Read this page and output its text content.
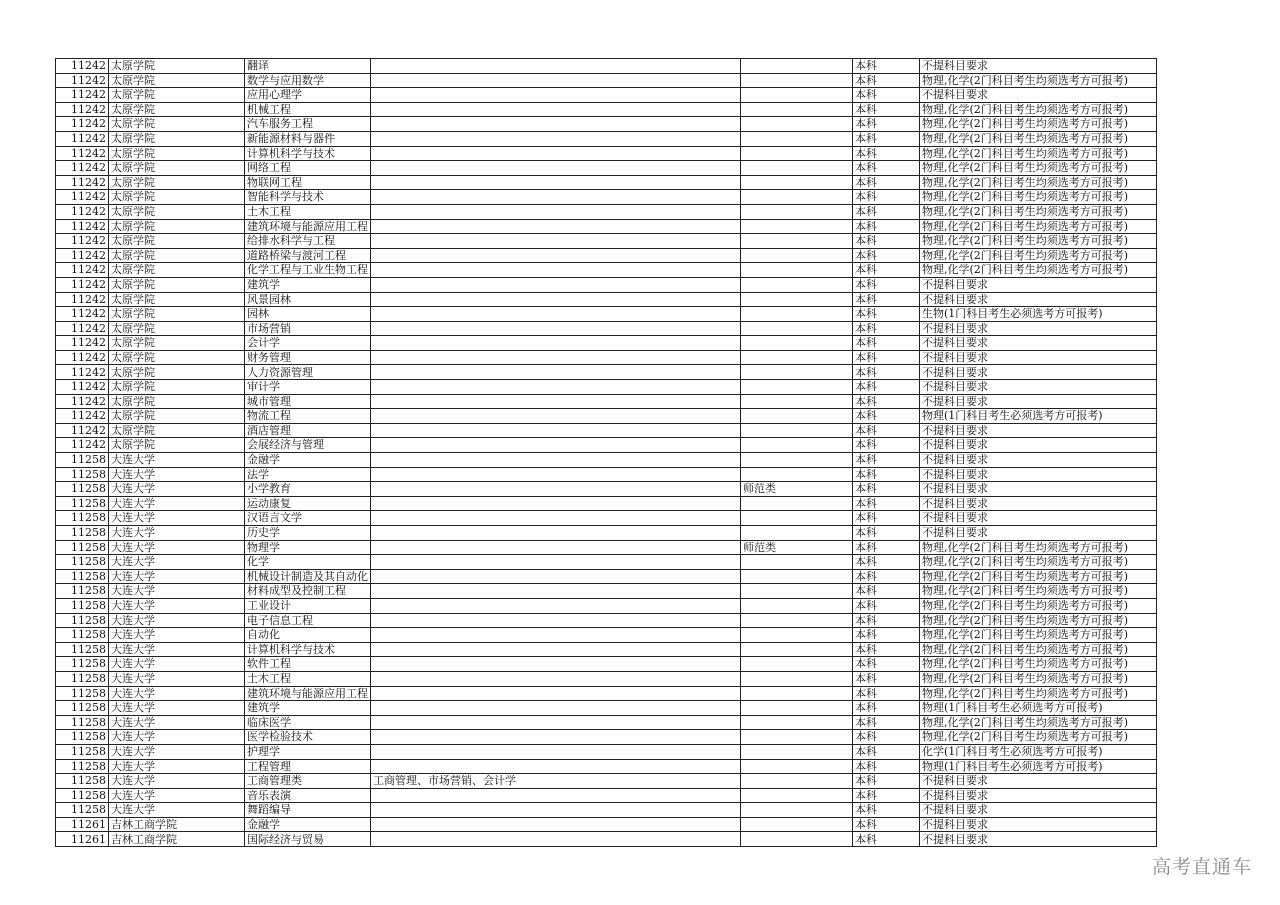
11242	太原学院	翻译			本科	不提科目要求
11242	太原学院	数学与应用数学			本科	物理,化学(2门科目考生均须选考方可报考)
11242	太原学院	应用心理学			本科	不提科目要求
11242	太原学院	机械工程			本科	物理,化学(2门科目考生均须选考方可报考)
11242	太原学院	汽车服务工程			本科	物理,化学(2门科目考生均须选考方可报考)
11242	太原学院	新能源材料与器件			本科	物理,化学(2门科目考生均须选考方可报考)
11242	太原学院	计算机科学与技术			本科	物理,化学(2门科目考生均须选考方可报考)
11242	太原学院	网络工程			本科	物理,化学(2门科目考生均须选考方可报考)
11242	太原学院	物联网工程			本科	物理,化学(2门科目考生均须选考方可报考)
11242	太原学院	智能科学与技术			本科	物理,化学(2门科目考生均须选考方可报考)
11242	太原学院	土木工程			本科	物理,化学(2门科目考生均须选考方可报考)
11242	太原学院	建筑环境与能源应用工程			本科	物理,化学(2门科目考生均须选考方可报考)
11242	太原学院	给排水科学与工程			本科	物理,化学(2门科目考生均须选考方可报考)
11242	太原学院	道路桥梁与渡河工程			本科	物理,化学(2门科目考生均须选考方可报考)
11242	太原学院	化学工程与工业生物工程			本科	物理,化学(2门科目考生均须选考方可报考)
11242	太原学院	建筑学			本科	不提科目要求
11242	太原学院	风景园林			本科	不提科目要求
11242	太原学院	园林			本科	生物(1门科目考生必须选考方可报考)
11242	太原学院	市场营销			本科	不提科目要求
11242	太原学院	会计学			本科	不提科目要求
11242	太原学院	财务管理			本科	不提科目要求
11242	太原学院	人力资源管理			本科	不提科目要求
11242	太原学院	审计学			本科	不提科目要求
11242	太原学院	城市管理			本科	不提科目要求
11242	太原学院	物流工程			本科	物理(1门科目考生必须选考方可报考)
11242	太原学院	酒店管理			本科	不提科目要求
11242	太原学院	会展经济与管理			本科	不提科目要求
11258	大连大学	金融学			本科	不提科目要求
11258	大连大学	法学			本科	不提科目要求
11258	大连大学	小学教育		师范类	本科	不提科目要求
11258	大连大学	运动康复			本科	不提科目要求
11258	大连大学	汉语言文学			本科	不提科目要求
11258	大连大学	历史学			本科	不提科目要求
11258	大连大学	物理学		师范类	本科	物理,化学(2门科目考生均须选考方可报考)
11258	大连大学	化学			本科	物理,化学(2门科目考生均须选考方可报考)
11258	大连大学	机械设计制造及其自动化			本科	物理,化学(2门科目考生均须选考方可报考)
11258	大连大学	材料成型及控制工程			本科	物理,化学(2门科目考生均须选考方可报考)
11258	大连大学	工业设计			本科	物理,化学(2门科目考生均须选考方可报考)
11258	大连大学	电子信息工程			本科	物理,化学(2门科目考生均须选考方可报考)
11258	大连大学	自动化			本科	物理,化学(2门科目考生均须选考方可报考)
11258	大连大学	计算机科学与技术			本科	物理,化学(2门科目考生均须选考方可报考)
11258	大连大学	软件工程			本科	物理,化学(2门科目考生均须选考方可报考)
11258	大连大学	土木工程			本科	物理,化学(2门科目考生均须选考方可报考)
11258	大连大学	建筑环境与能源应用工程			本科	物理,化学(2门科目考生均须选考方可报考)
11258	大连大学	建筑学			本科	物理(1门科目考生必须选考方可报考)
11258	大连大学	临床医学			本科	物理,化学(2门科目考生均须选考方可报考)
11258	大连大学	医学检验技术			本科	物理,化学(2门科目考生均须选考方可报考)
11258	大连大学	护理学			本科	化学(1门科目考生必须选考方可报考)
11258	大连大学	工程管理			本科	物理(1门科目考生必须选考方可报考)
11258	大连大学	工商管理类	工商管理、市场营销、会计学		本科	不提科目要求
11258	大连大学	音乐表演			本科	不提科目要求
11258	大连大学	舞蹈编导			本科	不提科目要求
11261	吉林工商学院	金融学			本科	不提科目要求
11261	吉林工商学院	国际经济与贸易			本科	不提科目要求
高考直通车
